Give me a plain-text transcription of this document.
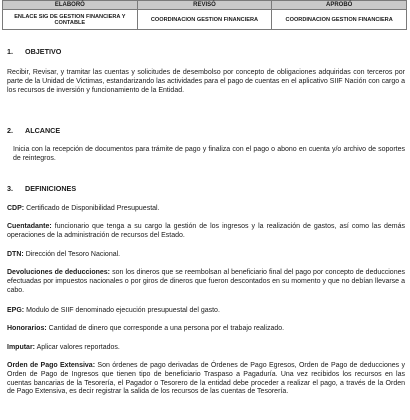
ELABORÓ	REVISÓ	APROBÓ
ENLACE SIG DE GESTION FINANCIERA Y CONTABLE	COORDINACION GESTION FINANCIERA	COORDINACION GESTION FINANCIERA
1. OBJETIVO
Recibir, Revisar, y tramitar las cuentas y solicitudes de desembolso por concepto de obligaciones adquiridas con terceros por parte de la Unidad de Victimas, estandarizando las actividades para el pago de cuentas en el aplicativo SIIF Nación con cargo a los recursos de inversión y funcionamiento de la Entidad.
2. ALCANCE
Inicia con la recepción de documentos para trámite de pago y finaliza con el pago o abono en cuenta y/o archivo de soportes de reintegros.
3. DEFINICIONES
CDP: Certificado de Disponibilidad Presupuestal.
Cuentadante: funcionario que tenga a su cargo la gestión de los ingresos y la realización de gastos, así como las demás operaciones de la administración de recursos del Estado.
DTN: Dirección del Tesoro Nacional.
Devoluciones de deducciones: son los dineros que se reembolsan al beneficiario final del pago por concepto de deducciones efectuadas por impuestos nacionales o por giros de dineros que fueron descontados en su momento y que no debían llevarse a cabo.
EPG: Modulo de SIIF denominado ejecución presupuestal del gasto.
Honorarios: Cantidad de dinero que corresponde a una persona por el trabajo realizado.
Imputar: Aplicar valores reportados.
Orden de Pago Extensiva: Son órdenes de pago derivadas de Órdenes de Pago Egresos, Orden de Pago de deducciones y Orden de Pago de Ingresos que tienen tipo de beneficiario Traspaso a Pagaduría. Una vez recibidos los recursos en las cuentas bancarias de la Tesorería, el Pagador o Tesorero de la entidad debe proceder a realizar el pago, a través de la Orden de Pago Extensiva, es decir registrar la salida de los recursos de las cuentas de Tesorería.
